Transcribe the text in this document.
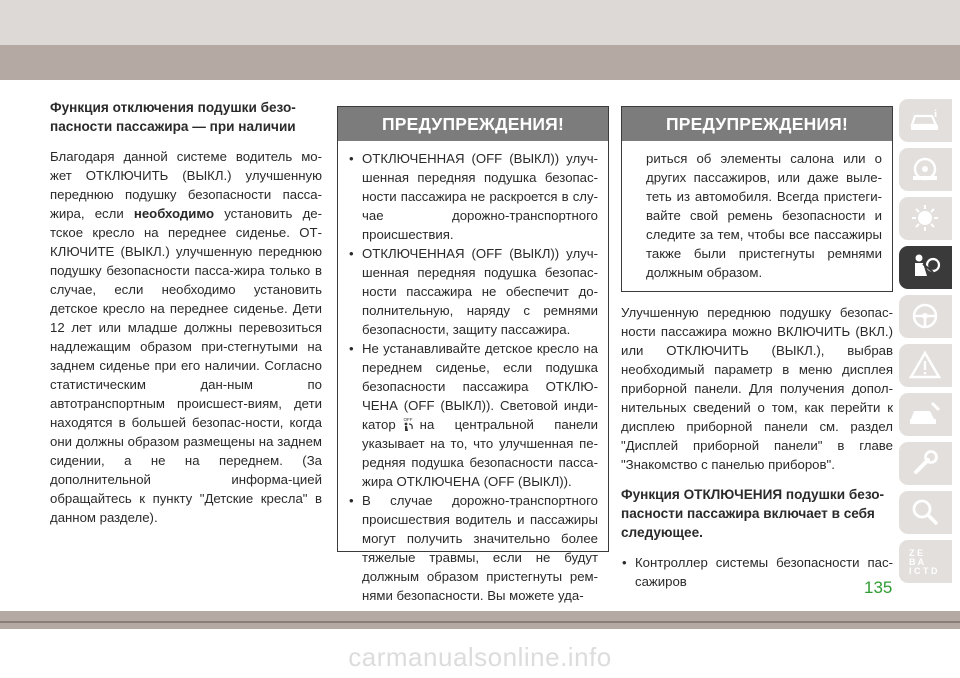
Функция отключения подушки безо-пасности пассажира — при наличии

Благодаря данной системе водитель мо-жет ОТКЛЮЧИТЬ (ВЫКЛ.) улучшенную переднюю подушку безопасности пасса-жира, если необходимо установить де-тское кресло на переднее сиденье. ОТ-КЛЮЧИТЕ (ВЫКЛ.) улучшенную переднюю подушку безопасности пасса-жира только в случае, если необходимо установить детское кресло на переднее сиденье. Дети 12 лет или младше должны перевозиться надлежащим образом при-стегнутыми на заднем сиденье при его наличии. Согласно статистическим дан-ным по автотранспортным происшест-виям, дети находятся в большей безопас-ности, когда они должны образом размещены на заднем сидении, а не на переднем. (За дополнительной информа-цией обращайтесь к пункту "Детские кресла" в данном разделе).

ПРЕДУПРЕЖДЕНИЯ!
• ОТКЛЮЧЕННАЯ (OFF (ВЫКЛ)) улуч-шенная передняя подушка безопас-ности пассажира не раскроется в слу-чае дорожно-транспортного происшествия.
• ОТКЛЮЧЕННАЯ (OFF (ВЫКЛ)) улуч-шенная передняя подушка безопас-ности пассажира не обеспечит до-полнительную, наряду с ремнями безопасности, защиту пассажира.
• Не устанавливайте детское кресло на переднем сиденье, если подушка безопасности пассажира ОТКЛЮ-ЧЕНА (OFF (ВЫКЛ)). Световой инди-катор OFF на центральной панели указывает на то, что улучшенная пе-редняя подушка безопасности пасса-жира ОТКЛЮЧЕНА (OFF (ВЫКЛ)).
• В случае дорожно-транспортного происшествия водитель и пассажиры могут получить значительно более тяжелые травмы, если не будут должным образом пристегнуты рем-нями безопасности. Вы можете уда-
ПРЕДУПРЕЖДЕНИЯ!

риться об элементы салона или о других пассажиров, или даже выле-теть из автомобиля. Всегда пристеги-вайте свой ремень безопасности и следите за тем, чтобы все пассажиры также были пристегнуты ремнями должным образом.

Улучшенную переднюю подушку безопас-ности пассажира можно ВКЛЮЧИТЬ (ВКЛ.) или ОТКЛЮЧИТЬ (ВЫКЛ.), выбрав необходимый параметр в меню дисплея приборной панели. Для получения допол-нительных сведений о том, как перейти к дисплею приборной панели см. раздел "Дисплей приборной панели" в главе "Знакомство с панелью приборов".

Функция ОТКЛЮЧЕНИЯ подушки безо-пасности пассажира включает в себя следующее.
• Контроллер системы безопасности пас-сажиров
i
Z E
B A
I C T D
135
carmanualsonline.info
